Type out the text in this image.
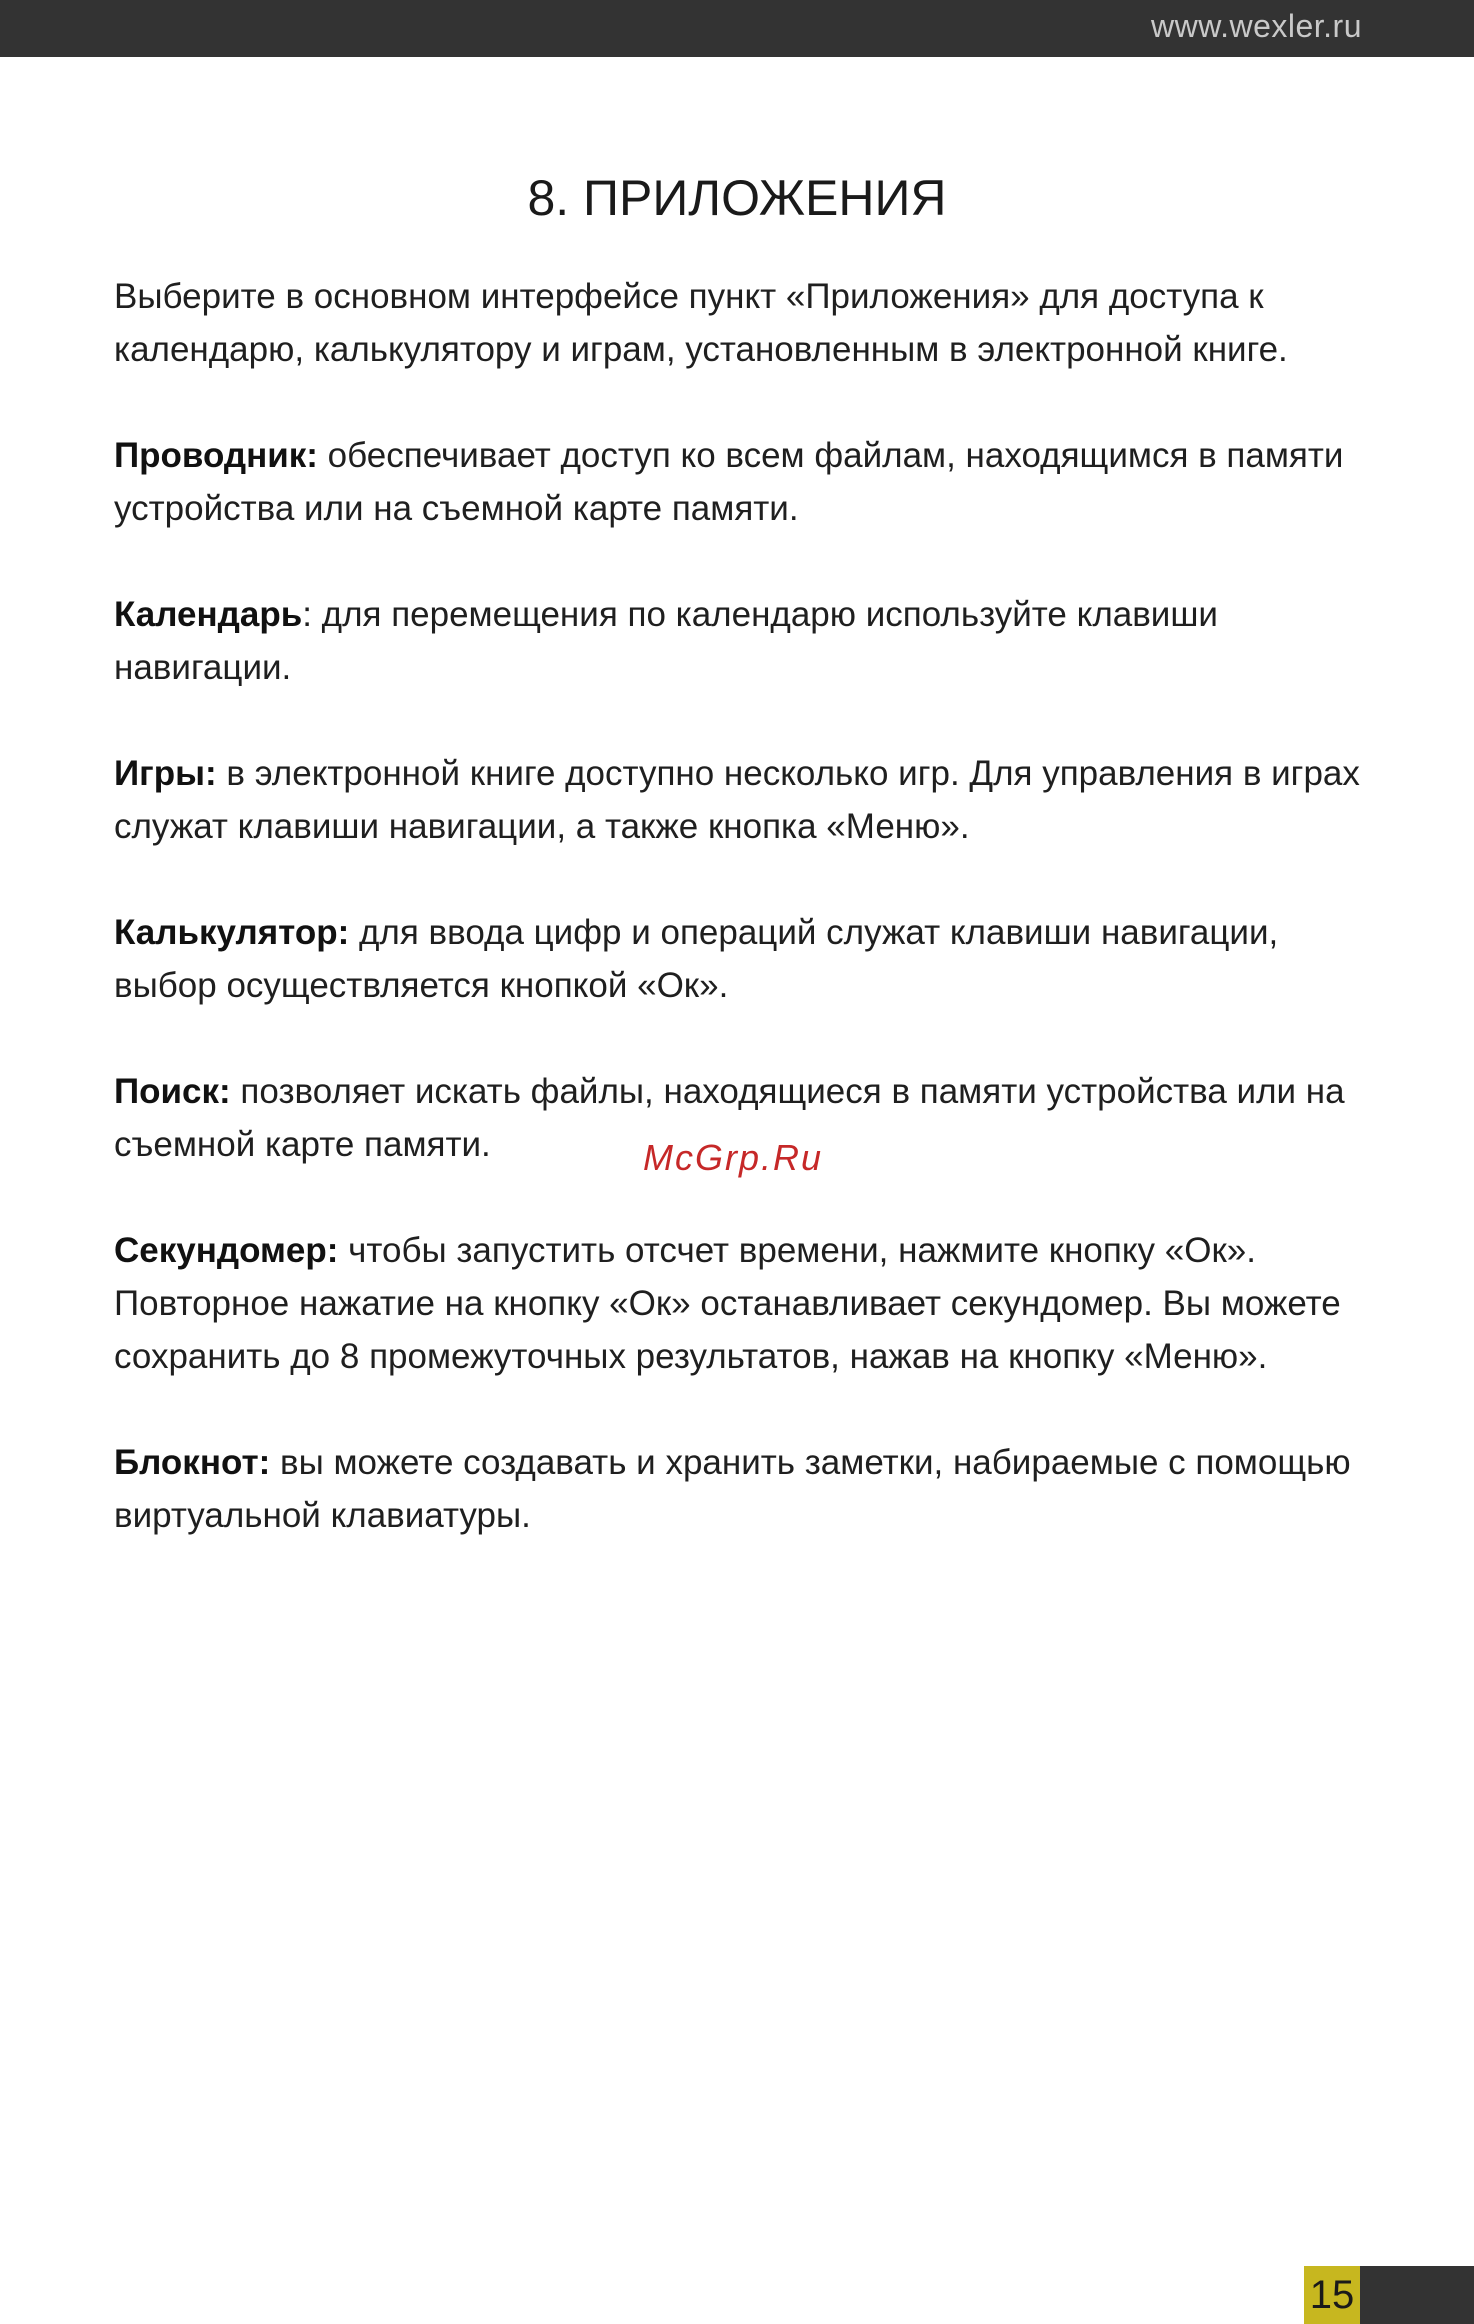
www.wexler.ru
8. ПРИЛОЖЕНИЯ

Выберите в основном интерфейсе пункт «Приложения» для доступа к календарю, калькулятору и играм, установленным в электронной книге.

Проводник: обеспечивает доступ ко всем файлам, находящимся в памяти устройства или на съемной карте памяти.

Календарь: для перемещения по календарю используйте клавиши навигации.

Игры: в электронной книге доступно несколько игр. Для управления в играх служат клавиши навигации, а также кнопка «Меню».

Калькулятор: для ввода цифр и операций служат клавиши навигации, выбор осуществляется кнопкой «Ок».

Поиск: позволяет искать файлы, находящиеся в памяти устройства или на съемной карте памяти.

Секундомер: чтобы запустить отсчет времени, нажмите кнопку «Ок». Повторное нажатие на кнопку «Ок» останавливает секундомер. Вы можете сохранить до 8 промежуточных результатов, нажав на кнопку «Меню».

Блокнот: вы можете создавать и хранить заметки, набираемые с помощью виртуальной клавиатуры.

McGrp.Ru
15
